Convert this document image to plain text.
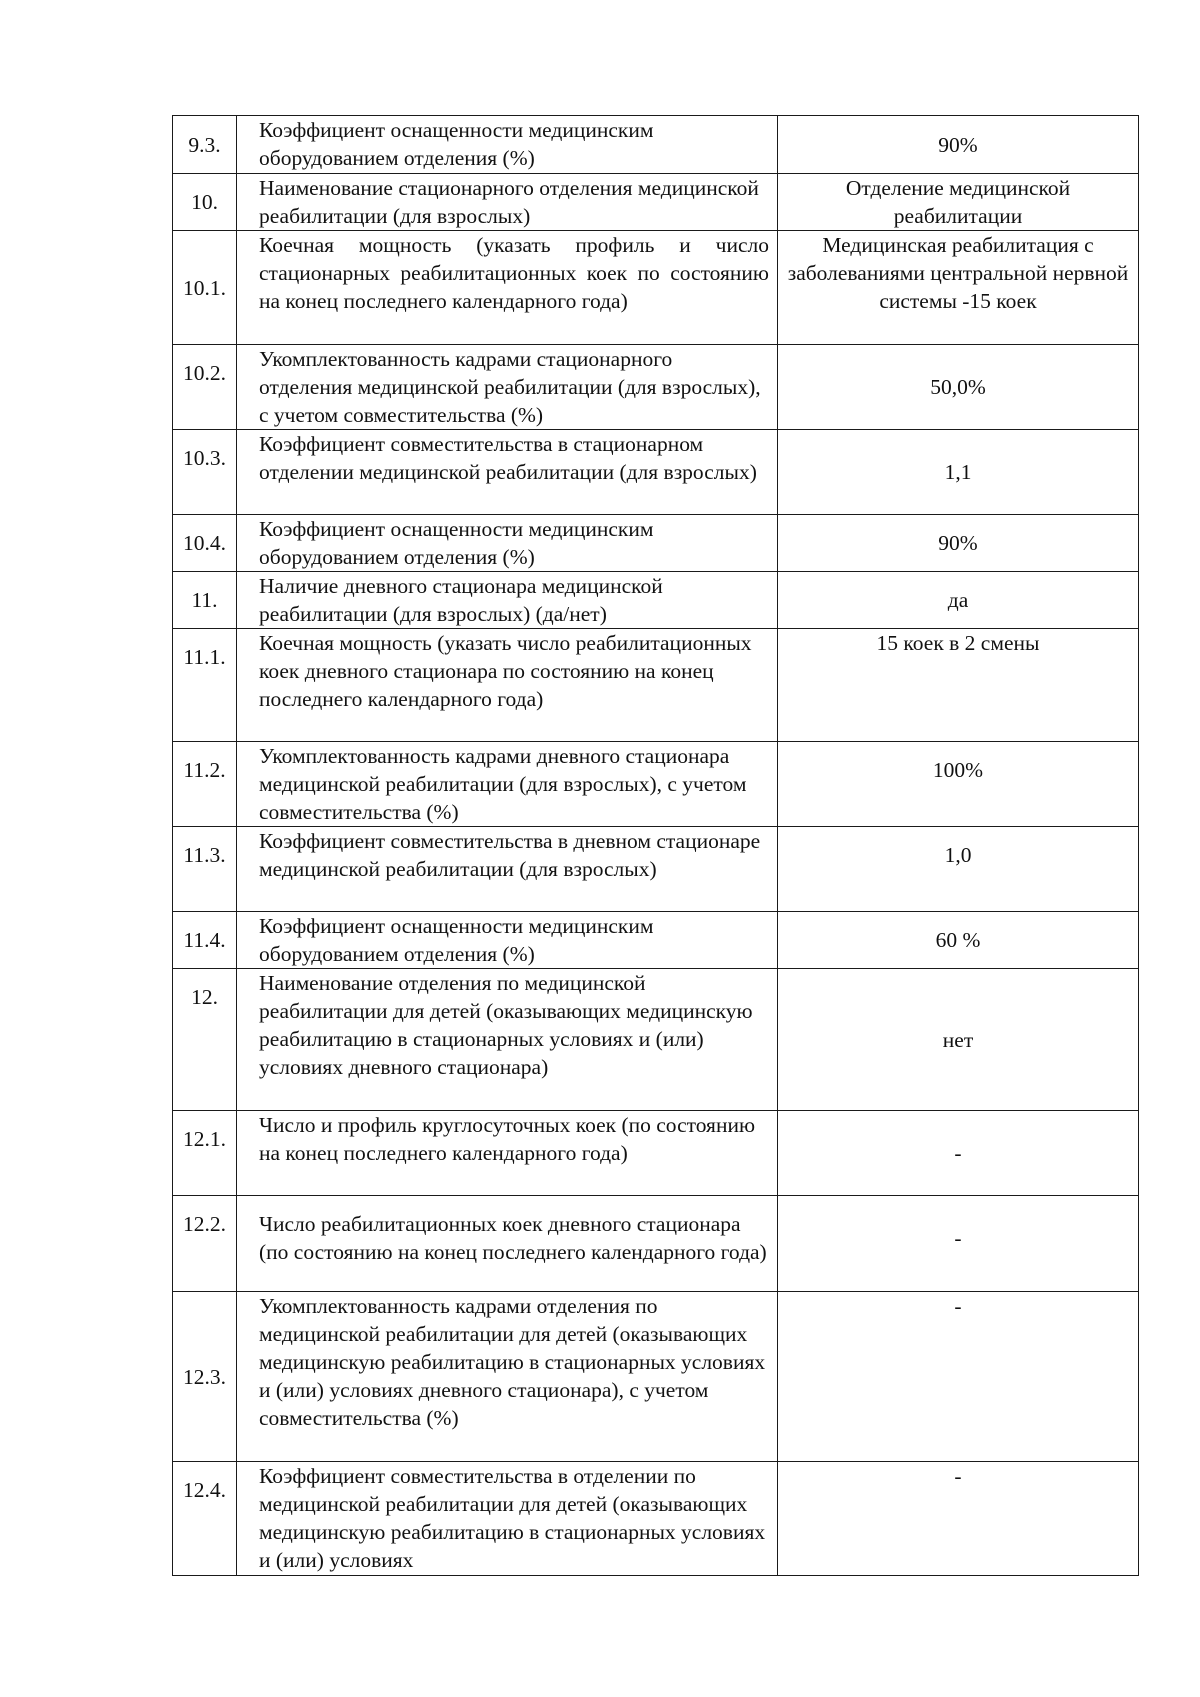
9.3.	Коэффициент оснащенности медицинским оборудованием отделения (%)	90%
10.	Наименование стационарного отделения медицинской реабилитации (для взрослых)	Отделение медицинской реабилитации
10.1.	Коечная мощность (указать профиль и число стационарных реабилитационных коек по состоянию на конец последнего календарного года)	Медицинская реабилитация с заболеваниями центральной нервной системы -15 коек
10.2.	Укомплектованность кадрами стационарного отделения медицинской реабилитации (для взрослых), с учетом совместительства (%)	50,0%
10.3.	Коэффициент совместительства в стационарном отделении медицинской реабилитации (для взрослых)	1,1
10.4.	Коэффициент оснащенности медицинским оборудованием отделения (%)	90%
11.	Наличие дневного стационара медицинской реабилитации (для взрослых) (да/нет)	да
11.1.	Коечная мощность (указать число реабилитационных коек дневного стационара по состоянию на конец последнего календарного года)	15 коек в 2 смены
11.2.	Укомплектованность кадрами дневного стационара медицинской реабилитации (для взрослых), с учетом совместительства (%)	100%
11.3.	Коэффициент совместительства в дневном стационаре медицинской реабилитации (для взрослых)	1,0
11.4.	Коэффициент оснащенности медицинским оборудованием отделения (%)	60 %
12.	Наименование отделения по медицинской реабилитации для детей (оказывающих медицинскую реабилитацию в стационарных условиях и (или) условиях дневного стационара)	нет
12.1.	Число и профиль круглосуточных коек (по состоянию на конец последнего календарного года)	-
12.2.	Число реабилитационных коек дневного стационара (по состоянию на конец последнего календарного года)	-
12.3.	Укомплектованность кадрами отделения по медицинской реабилитации для детей (оказывающих медицинскую реабилитацию в стационарных условиях и (или) условиях дневного стационара), с учетом совместительства (%)	-
12.4.	Коэффициент совместительства в отделении по медицинской реабилитации для детей (оказывающих медицинскую реабилитацию в стационарных условиях и (или) условиях	-
